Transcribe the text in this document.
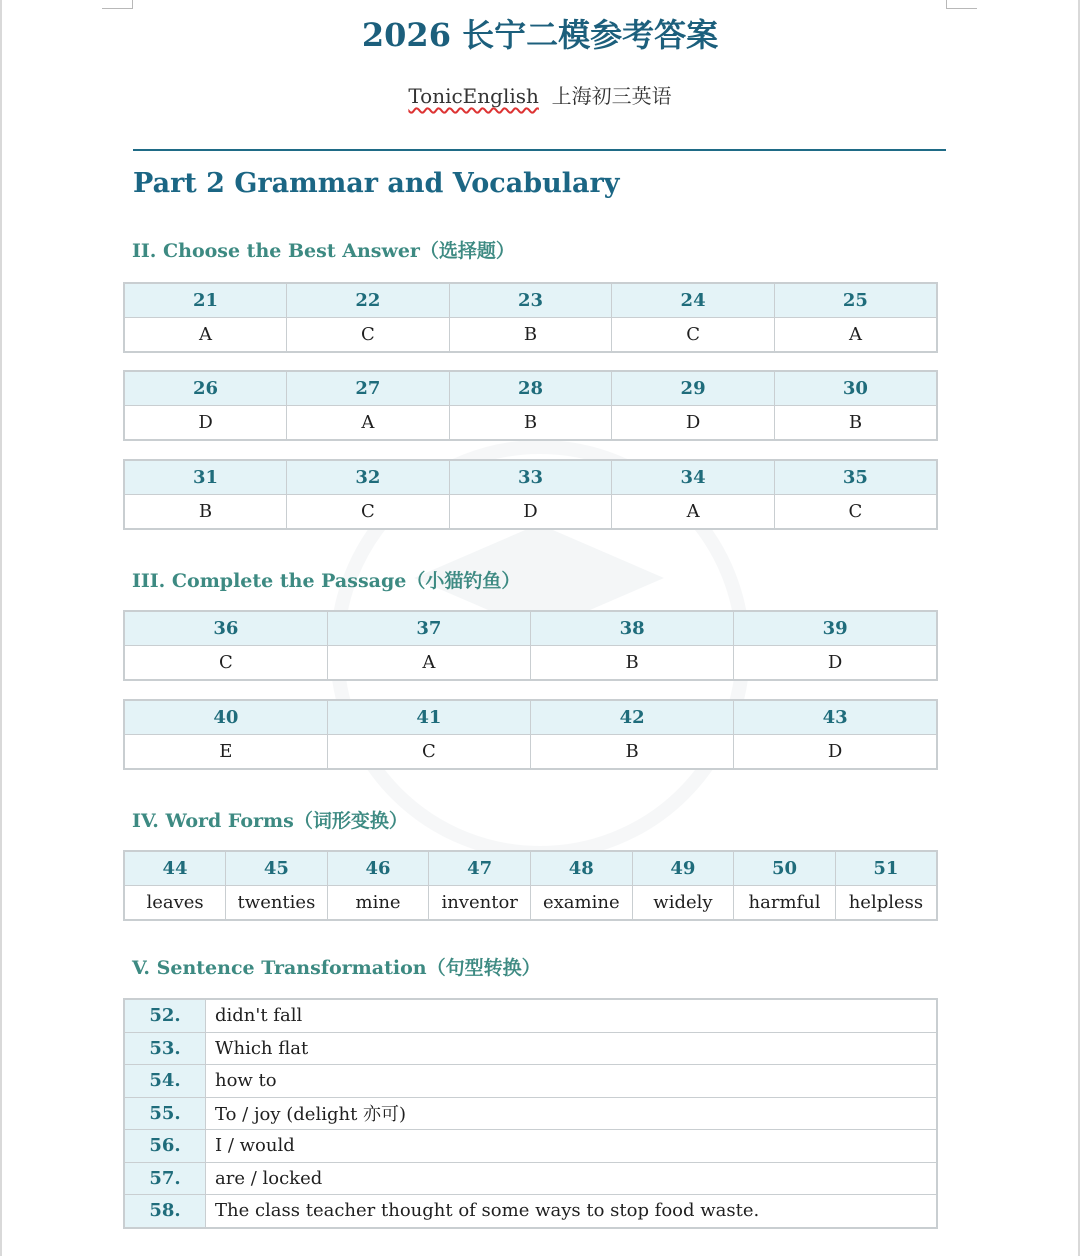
2026 长宁二模参考答案
TonicEnglish 上海初三英语
Part 2 Grammar and Vocabulary
II. Choose the Best Answer（选择题）
21	22	23	24	25
A	C	B	C	A
26	27	28	29	30
D	A	B	D	B
31	32	33	34	35
B	C	D	A	C
III. Complete the Passage（小猫钓鱼）
36	37	38	39
C	A	B	D
40	41	42	43
E	C	B	D
IV. Word Forms（词形变换）
44	45	46	47	48	49	50	51
leaves	twenties	mine	inventor	examine	widely	harmful	helpless
V. Sentence Transformation（句型转换）
52.	didn't fall
53.	Which flat
54.	how to
55.	To / joy (delight 亦可)
56.	I / would
57.	are / locked
58.	The class teacher thought of some ways to stop food waste.
